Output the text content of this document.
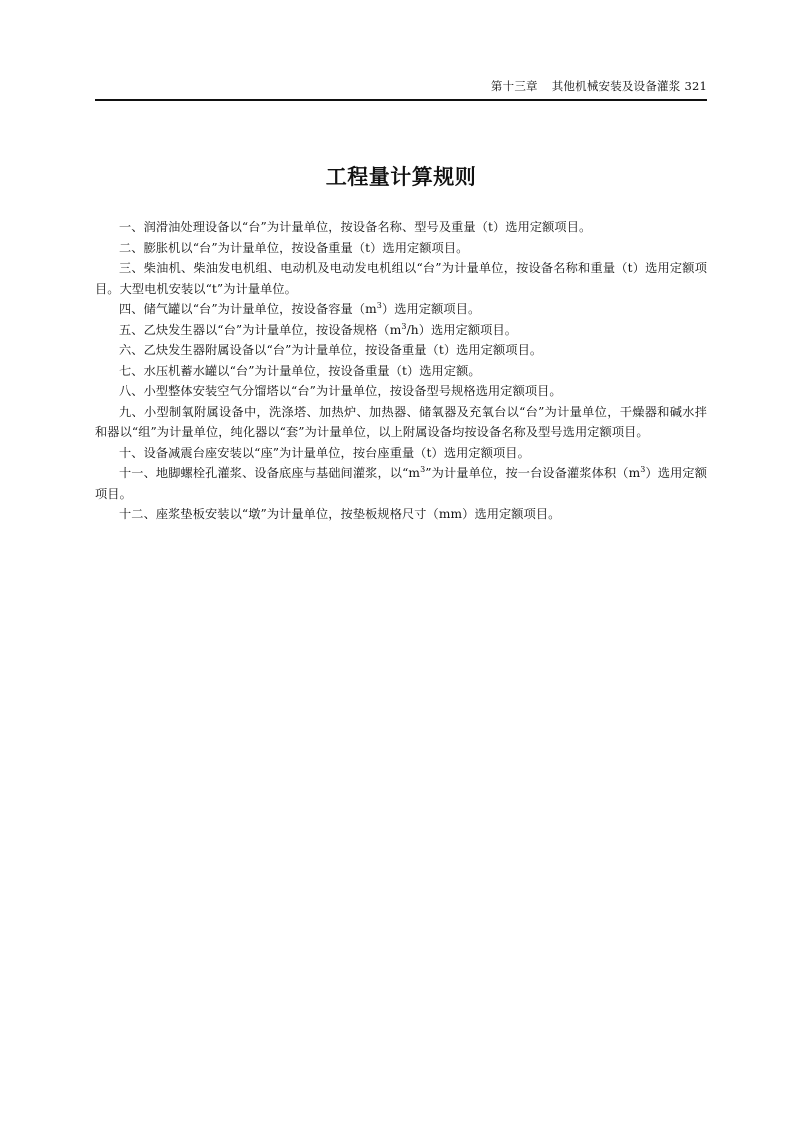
第十三章 其他机械安装及设备灌浆 321
工程量计算规则

一、润滑油处理设备以“台”为计量单位，按设备名称、型号及重量（t）选用定额项目。

二、膨胀机以“台”为计量单位，按设备重量（t）选用定额项目。

三、柴油机、柴油发电机组、电动机及电动发电机组以“台”为计量单位，按设备名称和重量（t）选用定额项目。大型电机安装以“t”为计量单位。

四、储气罐以“台”为计量单位，按设备容量$(m^3)$选用定额项目。

五、乙炔发生器以“台”为计量单位，按设备规格$(m^3/h)$选用定额项目。

六、乙炔发生器附属设备以“台”为计量单位，按设备重量（t）选用定额项目。

七、水压机蓄水罐以“台”为计量单位，按设备重量（t）选用定额。

八、小型整体安装空气分馏塔以“台”为计量单位，按设备型号规格选用定额项目。

九、小型制氧附属设备中，洗涤塔、加热炉、加热器、储氧器及充氧台以“台”为计量单位，干燥器和碱水拌和器以“组”为计量单位，纯化器以“套”为计量单位，以上附属设备均按设备名称及型号选用定额项目。

十、设备减震台座安装以“座”为计量单位，按台座重量（t）选用定额项目。

十一、地脚螺栓孔灌浆、设备底座与基础间灌浆，以“$m^3$”为计量单位，按一台设备灌浆体积$(m^3)$选用定额项目。

十二、座浆垫板安装以“墩”为计量单位，按垫板规格尺寸（mm）选用定额项目。
